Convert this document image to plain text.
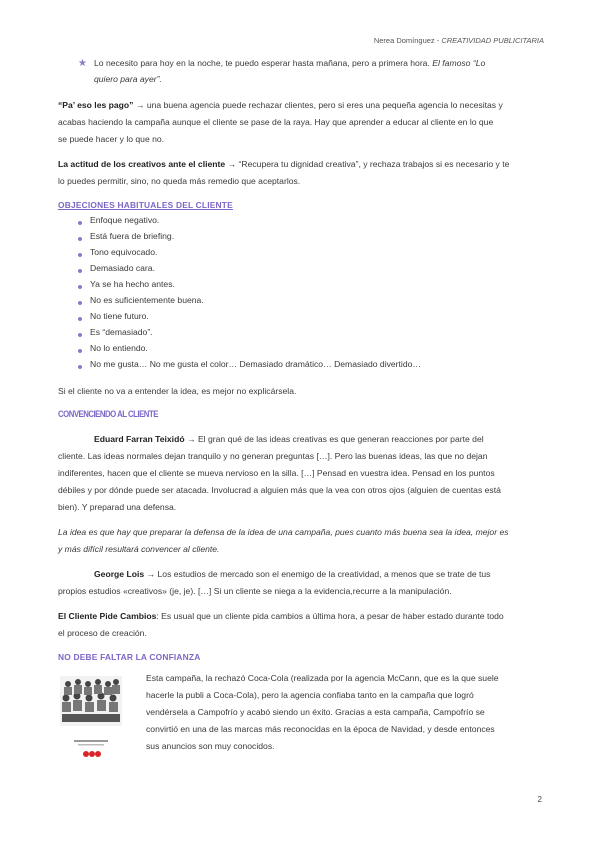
Nerea Domínguez - CREATIVIDAD PUBLICITARIA
★ Lo necesito para hoy en la noche, te puedo esperar hasta mañana, pero a primera hora. El famoso “Lo

quiero para ayer”.

“Pa’ eso les pago” → una buena agencia puede rechazar clientes, pero si eres una pequeña agencia lo necesitas y

acabas haciendo la campaña aunque el cliente se pase de la raya. Hay que aprender a educar al cliente en lo que

se puede hacer y lo que no.

La actitud de los creativos ante el cliente → “Recupera tu dignidad creativa”, y rechaza trabajos si es necesario y te

lo puedes permitir, sino, no queda más remedio que aceptarlos.

OBJECIONES HABITUALES DEL CLIENTE
Enfoque negativo.
Está fuera de briefing.
Tono equivocado.
Demasiado cara.
Ya se ha hecho antes.
No es suficientemente buena.
No tiene futuro.
Es “demasiado”.
No lo entiendo.
No me gusta… No me gusta el color… Demasiado dramático… Demasiado divertido…

Si el cliente no va a entender la idea, es mejor no explicársela.

CONVENCIENDO AL CLIENTE

Eduard Farran Teixidó → El gran qué de las ideas creativas es que generan reacciones por parte del

cliente. Las ideas normales dejan tranquilo y no generan preguntas […]. Pero las buenas ideas, las que no dejan

indiferentes, hacen que el cliente se mueva nervioso en la silla. […] Pensad en vuestra idea. Pensad en los puntos

débiles y por dónde puede ser atacada. Involucrad a alguien más que la vea con otros ojos (alguien de cuentas está

bien). Y preparad una defensa.

La idea es que hay que preparar la defensa de la idea de una campaña, pues cuanto más buena sea la idea, mejor es

y más difícil resultará convencer al cliente.

George Lois → Los estudios de mercado son el enemigo de la creatividad, a menos que se trate de tus

propios estudios «creativos» (je, je). […] Si un cliente se niega a la evidencia,recurre a la manipulación.

El Cliente Pide Cambios: Es usual que un cliente pida cambios a última hora, a pesar de haber estado durante todo

el proceso de creación.

NO DEBE FALTAR LA CONFIANZA

Esta campaña, la rechazó Coca-Cola (realizada por la agencia McCann, que es la que suele

hacerle la publi a Coca-Cola), pero la agencia confiaba tanto en la campaña que logró

vendérsela a Campofrío y acabó siendo un éxito. Gracias a esta campaña, Campofrío se

convirtió en una de las marcas más reconocidas en la época de Navidad, y desde entonces

sus anuncios son muy conocidos.

2
